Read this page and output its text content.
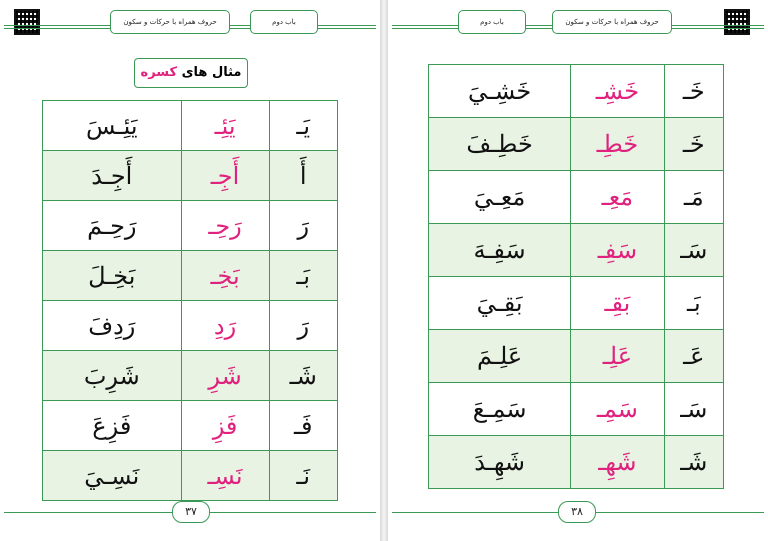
حروف همراه با حرکات و سکون	باب دوم
مثال های کسره
يَئِـسَ	يَئِـ	يَـ
أَجِـدَ	أَجِـ	أَ
رَحِـمَ	رَحِـ	رَ
بَخِـلَ	بَخِـ	بَـ
رَدِفَ	رَدِ	رَ
شَرِبَ	شَرِ	شَـ
فَزِعَ	فَزِ	فَـ
نَسِـيَ	نَسِـ	نَـ
۳۷
حروف همراه با حرکات و سکون
باب دوم
خَشِـيَ	خَشِـ	خَـ
خَطِـفَ	خَطِـ	خَـ
مَعِـيَ	مَعِـ	مَـ
سَفِـهَ	سَفِـ	سَـ
بَقِـيَ	بَقِـ	بَـ
عَلِـمَ	عَلِـ	عَـ
سَمِـعَ	سَمِـ	سَـ
شَهِـدَ	شَهِـ	شَـ
۳۸
